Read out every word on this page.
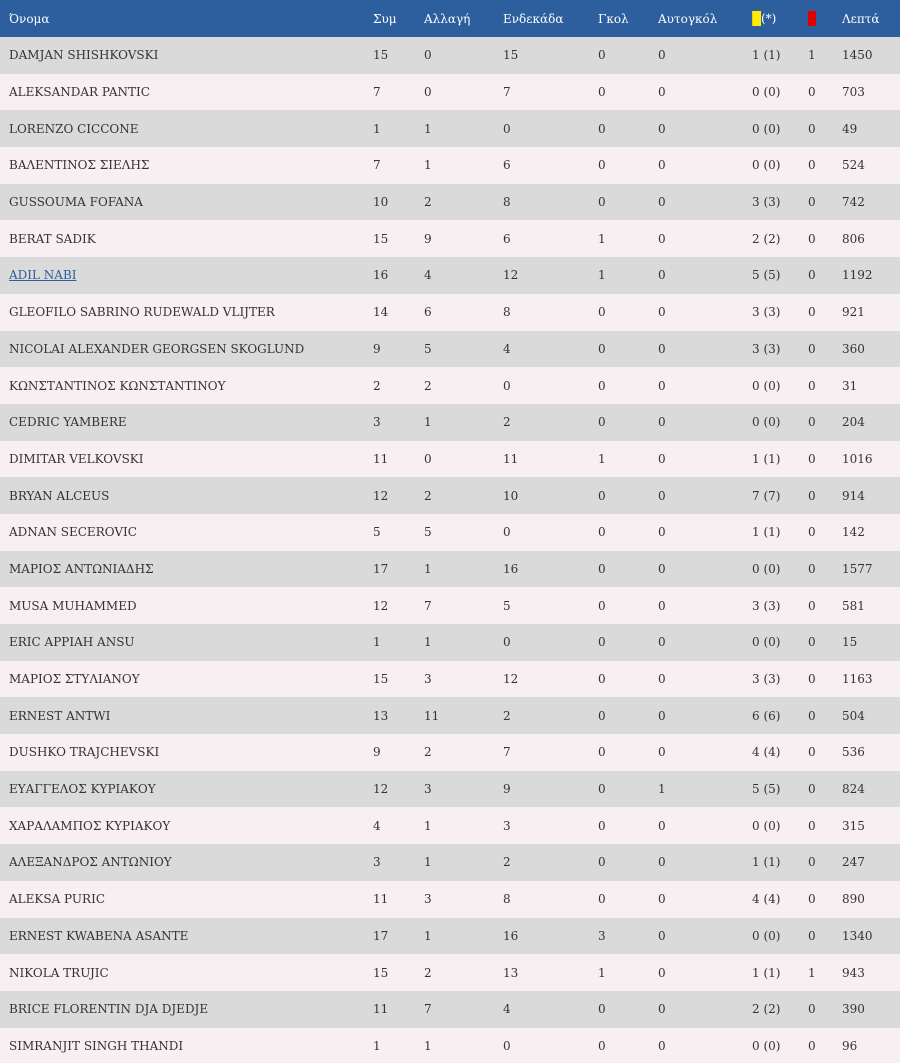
Όνομα	Συμ	Αλλαγή	Ενδεκάδα	Γκολ	Αυτογκόλ	(*)		Λεπτά
DAMJAN SHISHKOVSKI	15	0	15	0	0	1 (1)	1	1450
ALEKSANDAR PANTIC	7	0	7	0	0	0 (0)	0	703
LORENZO CICCONE	1	1	0	0	0	0 (0)	0	49
ΒΑΛΕΝΤΙΝΟΣ ΣΙΕΛΗΣ	7	1	6	0	0	0 (0)	0	524
GUSSOUMA FOFANA	10	2	8	0	0	3 (3)	0	742
BERAT SADIK	15	9	6	1	0	2 (2)	0	806
ADIL NABI	16	4	12	1	0	5 (5)	0	1192
GLEOFILO SABRINO RUDEWALD VLIJTER	14	6	8	0	0	3 (3)	0	921
NICOLAI ALEXANDER GEORGSEN SKOGLUND	9	5	4	0	0	3 (3)	0	360
ΚΩΝΣΤΑΝΤΙΝΟΣ ΚΩΝΣΤΑΝΤΙΝΟΥ	2	2	0	0	0	0 (0)	0	31
CEDRIC YAMBERE	3	1	2	0	0	0 (0)	0	204
DIMITAR VELKOVSKI	11	0	11	1	0	1 (1)	0	1016
BRYAN ALCEUS	12	2	10	0	0	7 (7)	0	914
ADNAN SECEROVIC	5	5	0	0	0	1 (1)	0	142
ΜΑΡΙΟΣ ΑΝΤΩΝΙΑΔΗΣ	17	1	16	0	0	0 (0)	0	1577
MUSA MUHAMMED	12	7	5	0	0	3 (3)	0	581
ERIC APPIAH ANSU	1	1	0	0	0	0 (0)	0	15
ΜΑΡΙΟΣ ΣΤΥΛΙΑΝΟΥ	15	3	12	0	0	3 (3)	0	1163
ERNEST ANTWI	13	11	2	0	0	6 (6)	0	504
DUSHKO TRAJCHEVSKI	9	2	7	0	0	4 (4)	0	536
ΕΥΑΓΓΕΛΟΣ ΚΥΡΙΑΚΟΥ	12	3	9	0	1	5 (5)	0	824
ΧΑΡΑΛΑΜΠΟΣ ΚΥΡΙΑΚΟΥ	4	1	3	0	0	0 (0)	0	315
ΑΛΕΞΑΝΔΡΟΣ ΑΝΤΩΝΙΟΥ	3	1	2	0	0	1 (1)	0	247
ALEKSA PURIC	11	3	8	0	0	4 (4)	0	890
ERNEST KWABENA ASANTE	17	1	16	3	0	0 (0)	0	1340
NIKOLA TRUJIC	15	2	13	1	0	1 (1)	1	943
BRICE FLORENTIN DJA DJEDJE	11	7	4	0	0	2 (2)	0	390
SIMRANJIT SINGH THANDI	1	1	0	0	0	0 (0)	0	96
